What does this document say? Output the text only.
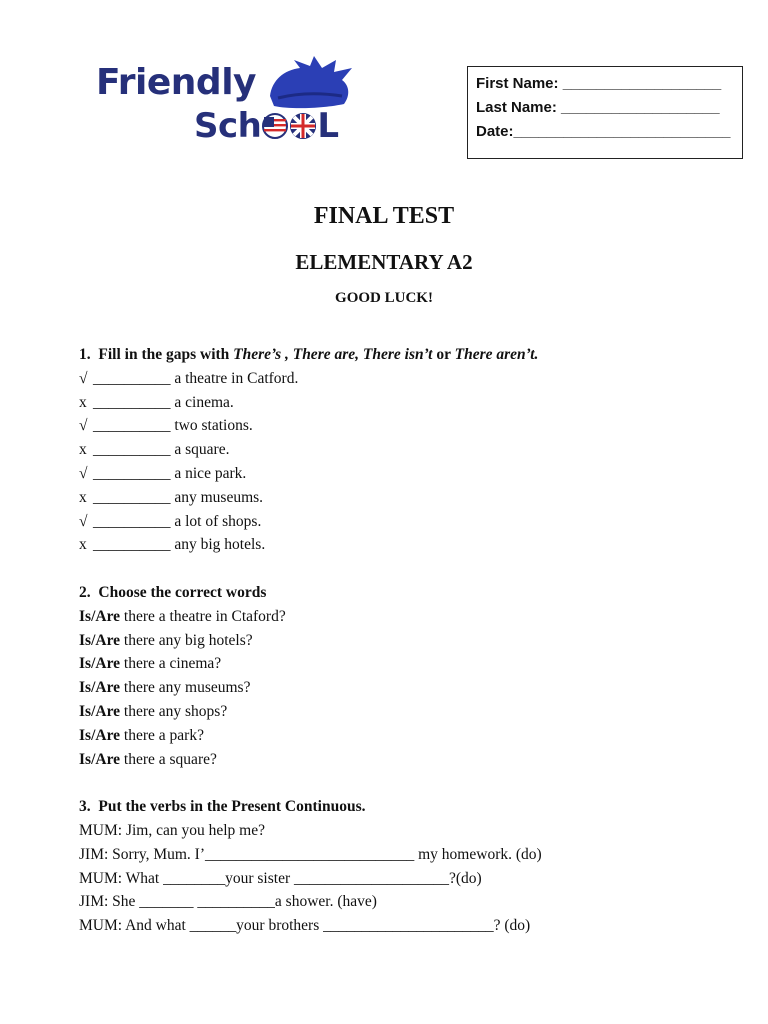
Friendly
Sch L
First Name: ___________________
Last Name: ___________________
Date:__________________________
FINAL TEST
ELEMENTARY A2
GOOD LUCK!
1. Fill in the gaps with There’s , There are, There isn’t or There aren’t.
√ __________ a theatre in Catford.
x __________ a cinema.
√ __________ two stations.
x __________ a square.
√ __________ a nice park.
x __________ any museums.
√ __________ a lot of shops.
x __________ any big hotels.
2. Choose the correct words
Is/Are there a theatre in Ctaford?
Is/Are there any big hotels?
Is/Are there a cinema?
Is/Are there any museums?
Is/Are there any shops?
Is/Are there a park?
Is/Are there a square?
3. Put the verbs in the Present Continuous.
MUM: Jim, can you help me?
JIM: Sorry, Mum. I’___________________________ my homework. (do)
MUM: What ________your sister ____________________?(do)
JIM: She _______ __________a shower. (have)
MUM: And what ______your brothers ______________________? (do)
